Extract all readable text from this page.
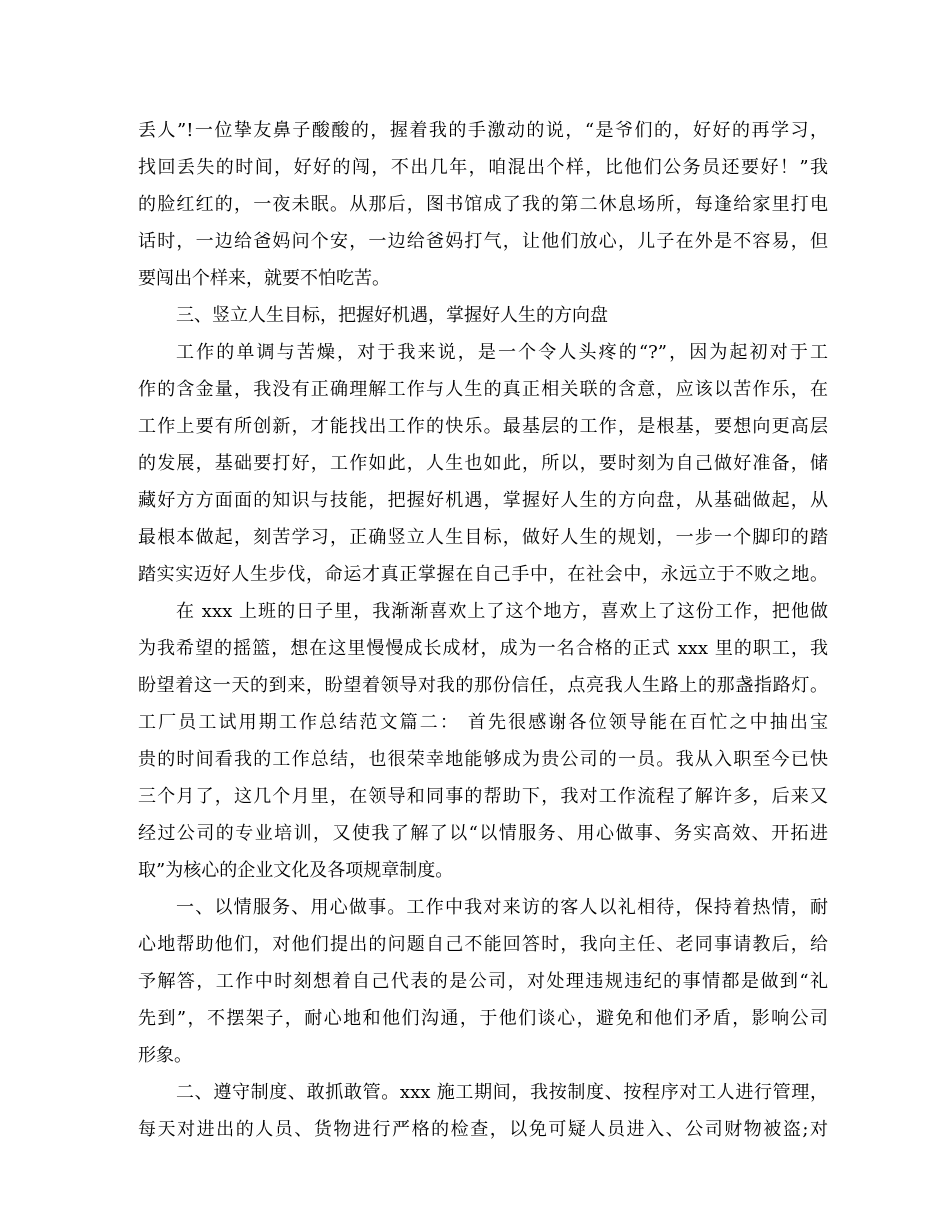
丢人”!一位挚友鼻子酸酸的，握着我的手激动的说，“是爷们的，好好的再学习，
找回丢失的时间，好好的闯，不出几年，咱混出个样，比他们公务员还要好！”我
的脸红红的，一夜未眠。从那后，图书馆成了我的第二休息场所，每逢给家里打电
话时，一边给爸妈问个安，一边给爸妈打气，让他们放心，儿子在外是不容易，但
要闯出个样来，就要不怕吃苦。
三、竖立人生目标，把握好机遇，掌握好人生的方向盘
工作的单调与苦燥，对于我来说，是一个令人头疼的“?”，因为起初对于工
作的含金量，我没有正确理解工作与人生的真正相关联的含意，应该以苦作乐，在
工作上要有所创新，才能找出工作的快乐。最基层的工作，是根基，要想向更高层
的发展，基础要打好，工作如此，人生也如此，所以，要时刻为自己做好准备，储
藏好方方面面的知识与技能，把握好机遇，掌握好人生的方向盘，从基础做起，从
最根本做起，刻苦学习，正确竖立人生目标，做好人生的规划，一步一个脚印的踏
踏实实迈好人生步伐，命运才真正掌握在自己手中，在社会中，永远立于不败之地。
在 xxx 上班的日子里，我渐渐喜欢上了这个地方，喜欢上了这份工作，把他做
为我希望的摇篮，想在这里慢慢成长成材，成为一名合格的正式 xxx 里的职工，我
盼望着这一天的到来，盼望着领导对我的那份信任，点亮我人生路上的那盏指路灯。
工厂员工试用期工作总结范文篇二： 首先很感谢各位领导能在百忙之中抽出宝
贵的时间看我的工作总结，也很荣幸地能够成为贵公司的一员。我从入职至今已快
三个月了，这几个月里，在领导和同事的帮助下，我对工作流程了解许多，后来又
经过公司的专业培训，又使我了解了以“以情服务、用心做事、务实高效、开拓进
取”为核心的企业文化及各项规章制度。
一、以情服务、用心做事。工作中我对来访的客人以礼相待，保持着热情，耐
心地帮助他们，对他们提出的问题自己不能回答时，我向主任、老同事请教后，给
予解答，工作中时刻想着自己代表的是公司，对处理违规违纪的事情都是做到“礼
先到”，不摆架子，耐心地和他们沟通，于他们谈心，避免和他们矛盾，影响公司
形象。
二、遵守制度、敢抓敢管。xxx 施工期间，我按制度、按程序对工人进行管理，
每天对进出的人员、货物进行严格的检查，以免可疑人员进入、公司财物被盗;对
